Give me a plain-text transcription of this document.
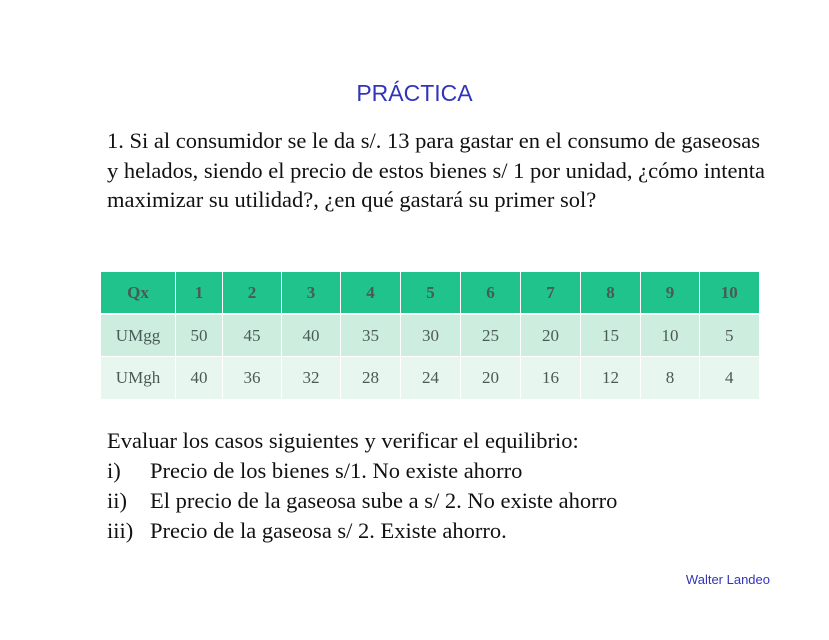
PRÁCTICA
1. Si al consumidor se le da s/. 13 para gastar en el consumo de gaseosas y helados, siendo el precio de estos bienes s/ 1 por unidad, ¿cómo intenta maximizar su utilidad?, ¿en qué gastará su primer sol?
Qx	1	2	3	4	5	6	7	8	9	10
UMgg	50	45	40	35	30	25	20	15	10	5
UMgh	40	36	32	28	24	20	16	12	8	4
Evaluar los casos siguientes y verificar el equilibrio:
i)	Precio de los bienes s/1. No existe ahorro
ii)	El precio de la gaseosa sube a s/ 2. No existe ahorro
iii) Precio de la gaseosa s/ 2. Existe ahorro.
Walter Landeo
